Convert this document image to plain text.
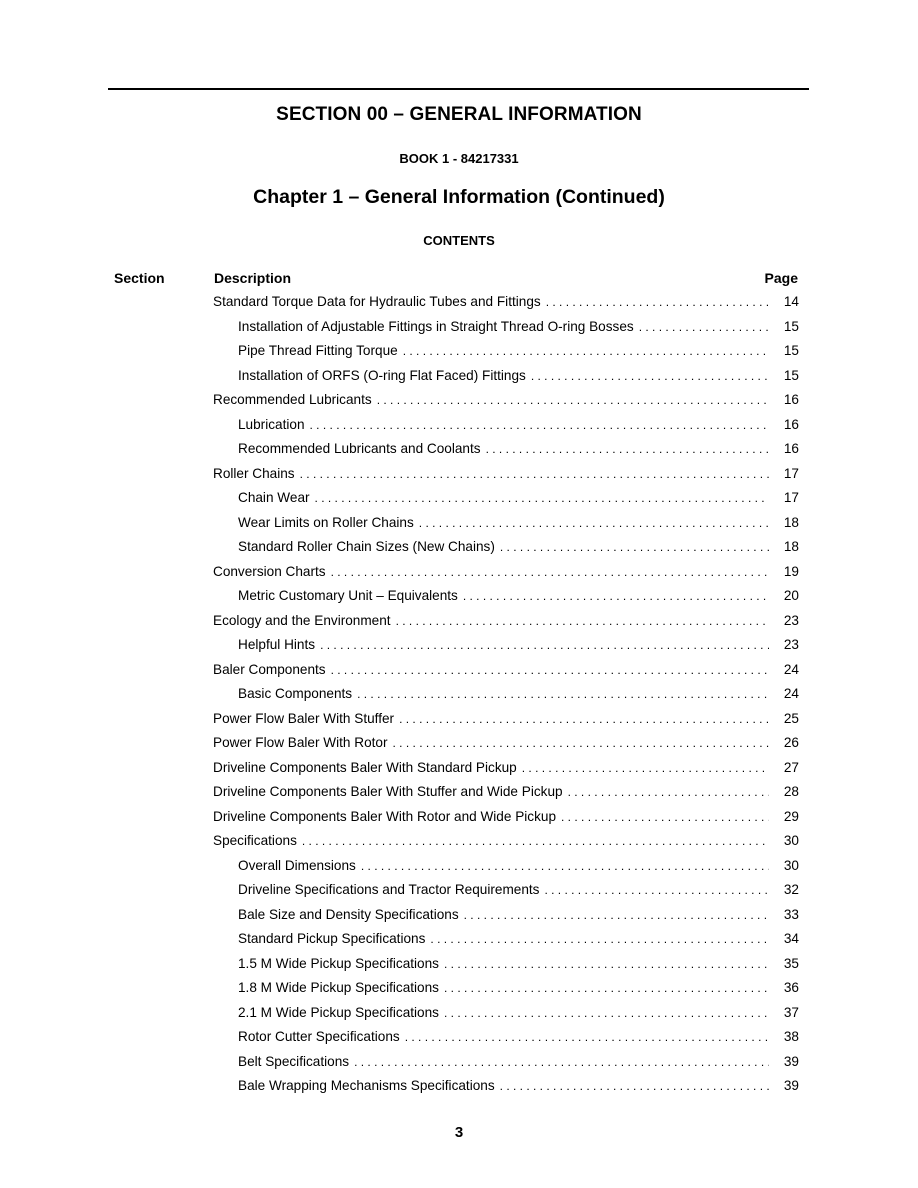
SECTION 00 – GENERAL INFORMATION
BOOK 1 - 84217331
Chapter 1 – General Information (Continued)
CONTENTS
Section	Description	Page
Standard Torque Data for Hydraulic Tubes and Fittings . . .	14
Installation of Adjustable Fittings in Straight Thread O-ring Bosses . . .	15
Pipe Thread Fitting Torque . . .	15
Installation of ORFS (O-ring Flat Faced) Fittings . . .	15
Recommended Lubricants . . .	16
Lubrication . . .	16
Recommended Lubricants and Coolants . . .	16
Roller Chains . . .	17
Chain Wear . . .	17
Wear Limits on Roller Chains . . .	18
Standard Roller Chain Sizes (New Chains) . . .	18
Conversion Charts . . .	19
Metric Customary Unit – Equivalents . . .	20
Ecology and the Environment . . .	23
Helpful Hints . . .	23
Baler Components . . .	24
Basic Components . . .	24
Power Flow Baler With Stuffer . . .	25
Power Flow Baler With Rotor . . .	26
Driveline Components Baler With Standard Pickup . . .	27
Driveline Components Baler With Stuffer and Wide Pickup . . .	28
Driveline Components Baler With Rotor and Wide Pickup . . .	29
Specifications . . .	30
Overall Dimensions . . .	30
Driveline Specifications and Tractor Requirements . . .	32
Bale Size and Density Specifications . . .	33
Standard Pickup Specifications . . .	34
1.5 M Wide Pickup Specifications . . .	35
1.8 M Wide Pickup Specifications . . .	36
2.1 M Wide Pickup Specifications . . .	37
Rotor Cutter Specifications . . .	38
Belt Specifications . . .	39
Bale Wrapping Mechanisms Specifications . . .	39
3
